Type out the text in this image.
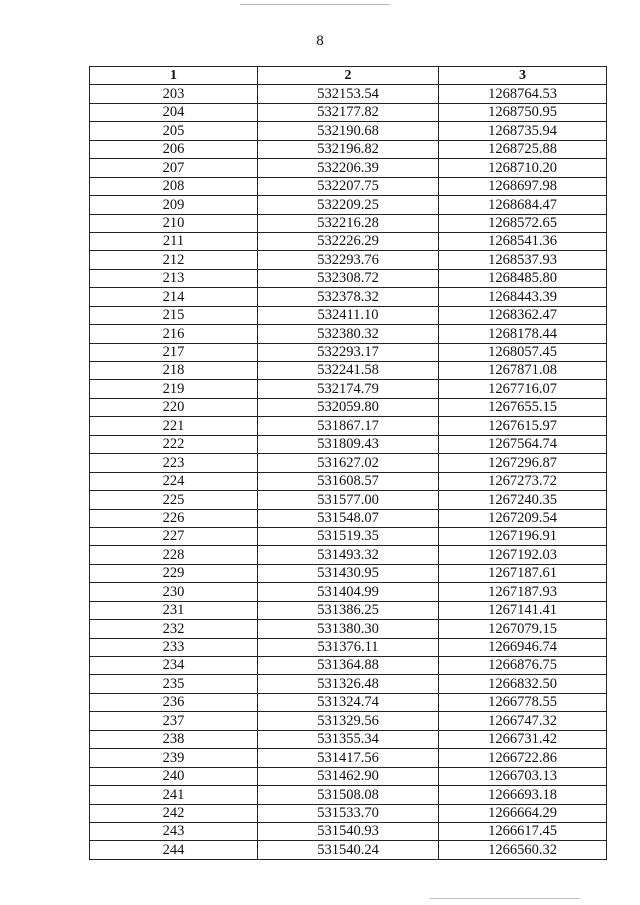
8
1	2	3
203	532153.54	1268764.53
204	532177.82	1268750.95
205	532190.68	1268735.94
206	532196.82	1268725.88
207	532206.39	1268710.20
208	532207.75	1268697.98
209	532209.25	1268684.47
210	532216.28	1268572.65
211	532226.29	1268541.36
212	532293.76	1268537.93
213	532308.72	1268485.80
214	532378.32	1268443.39
215	532411.10	1268362.47
216	532380.32	1268178.44
217	532293.17	1268057.45
218	532241.58	1267871.08
219	532174.79	1267716.07
220	532059.80	1267655.15
221	531867.17	1267615.97
222	531809.43	1267564.74
223	531627.02	1267296.87
224	531608.57	1267273.72
225	531577.00	1267240.35
226	531548.07	1267209.54
227	531519.35	1267196.91
228	531493.32	1267192.03
229	531430.95	1267187.61
230	531404.99	1267187.93
231	531386.25	1267141.41
232	531380.30	1267079.15
233	531376.11	1266946.74
234	531364.88	1266876.75
235	531326.48	1266832.50
236	531324.74	1266778.55
237	531329.56	1266747.32
238	531355.34	1266731.42
239	531417.56	1266722.86
240	531462.90	1266703.13
241	531508.08	1266693.18
242	531533.70	1266664.29
243	531540.93	1266617.45
244	531540.24	1266560.32
